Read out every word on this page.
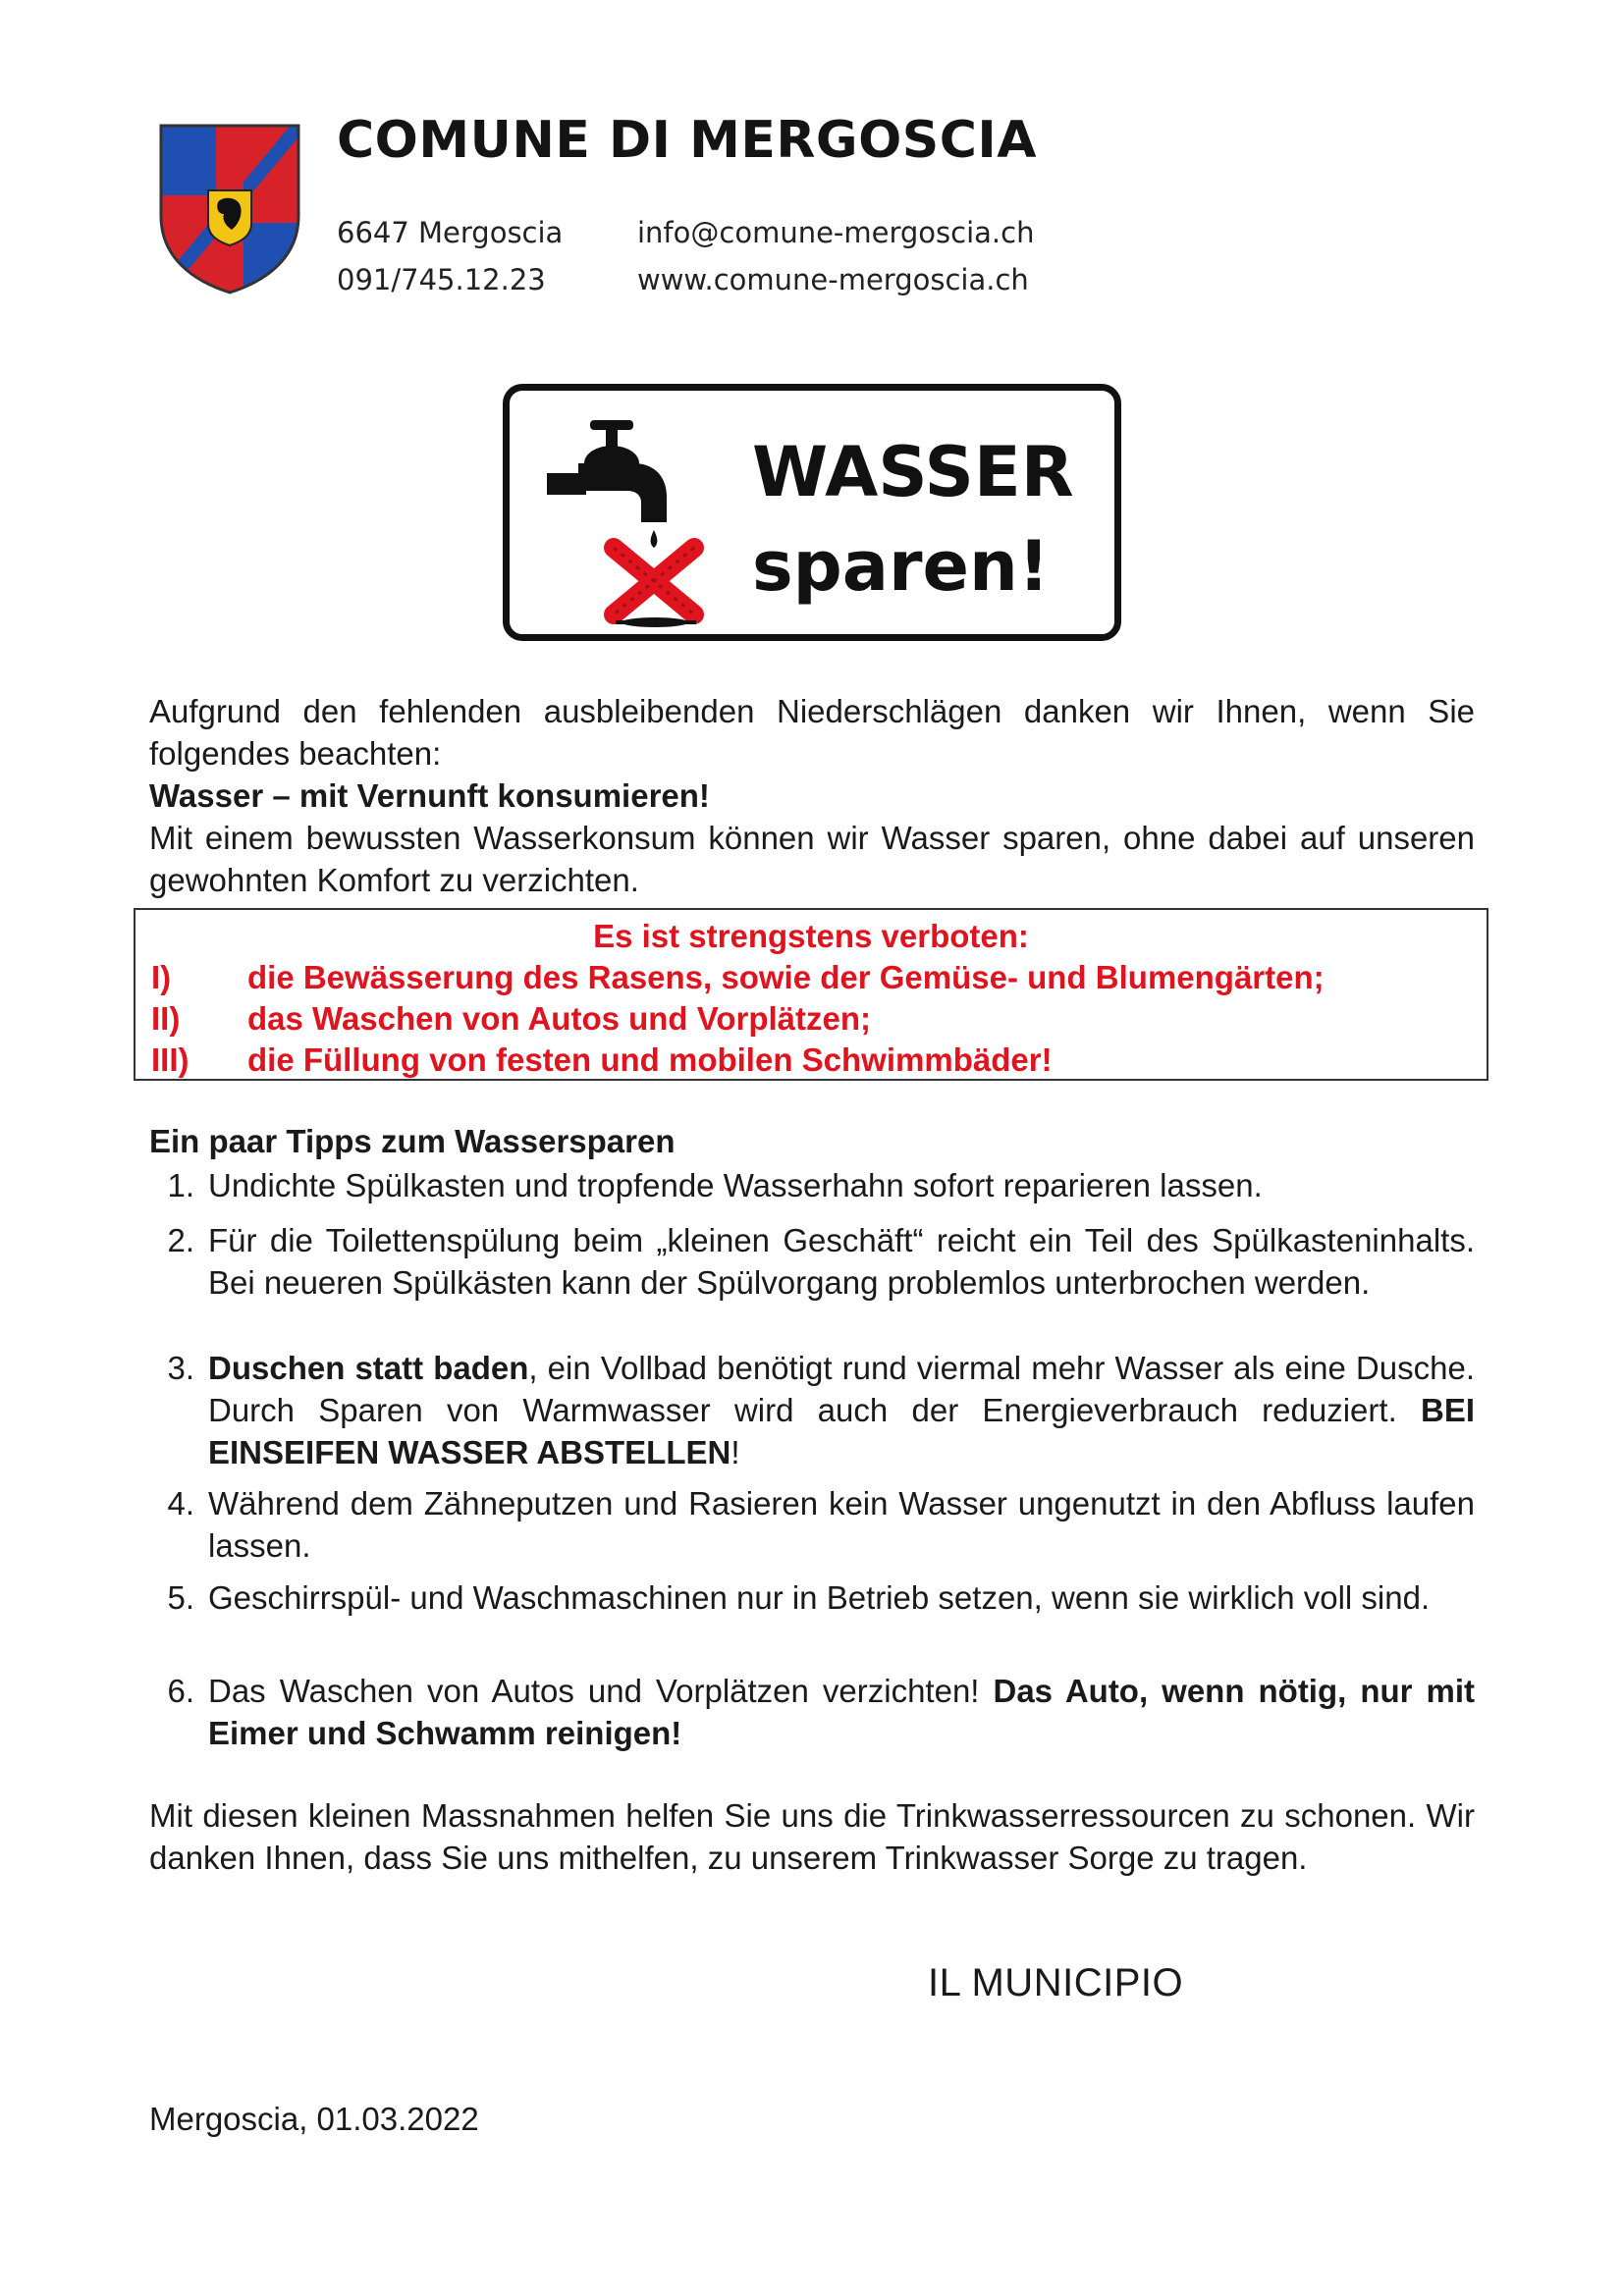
COMUNE DI MERGOSCIA
6647 Mergoscia
091/745.12.23
info@comune-mergoscia.ch
www.comune-mergoscia.ch
WASSER
sparen!
Aufgrund den fehlenden ausbleibenden Niederschlägen danken wir Ihnen, wenn Sie folgendes beachten:
Wasser – mit Vernunft konsumieren!
Mit einem bewussten Wasserkonsum können wir Wasser sparen, ohne dabei auf unseren gewohnten Komfort zu verzichten.
Es ist strengstens verboten:
I) die Bewässerung des Rasens, sowie der Gemüse- und Blumengärten;
II) das Waschen von Autos und Vorplätzen;
III) die Füllung von festen und mobilen Schwimmbäder!
Ein paar Tipps zum Wassersparen
1. Undichte Spülkasten und tropfende Wasserhahn sofort reparieren lassen.
2. Für die Toilettenspülung beim „kleinen Geschäft“ reicht ein Teil des Spülkasteninhalts. Bei neueren Spülkästen kann der Spülvorgang problemlos unterbrochen werden.
3. Duschen statt baden, ein Vollbad benötigt rund viermal mehr Wasser als eine Dusche. Durch Sparen von Warmwasser wird auch der Energieverbrauch reduziert. BEI EINSEIFEN WASSER ABSTELLEN!
4. Während dem Zähneputzen und Rasieren kein Wasser ungenutzt in den Abfluss laufen lassen.
5. Geschirrspül- und Waschmaschinen nur in Betrieb setzen, wenn sie wirklich voll sind.
6. Das Waschen von Autos und Vorplätzen verzichten! Das Auto, wenn nötig, nur mit Eimer und Schwamm reinigen!
Mit diesen kleinen Massnahmen helfen Sie uns die Trinkwasserressourcen zu schonen. Wir danken Ihnen, dass Sie uns mithelfen, zu unserem Trinkwasser Sorge zu tragen.
IL MUNICIPIO
Mergoscia, 01.03.2022
